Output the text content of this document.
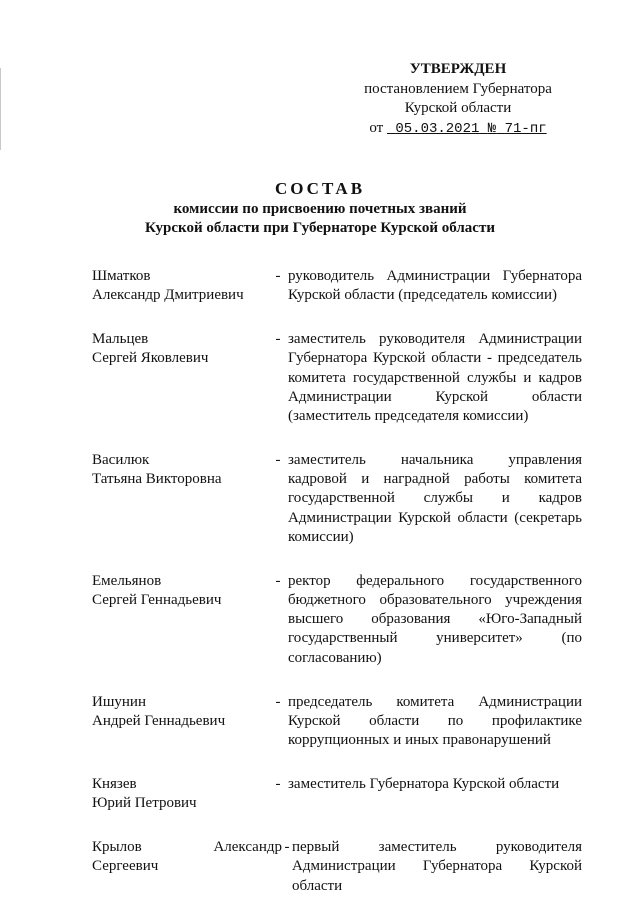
УТВЕРЖДЕН
постановлением Губернатора
Курской области
от 05.03.2021 № 71-пг
СОСТАВ
комиссии по присвоению почетных званий
Курской области при Губернаторе Курской области
Шматков
Александр Дмитриевич
- руководитель Администрации Губернатора Курской области (председатель комиссии)
Мальцев
Сергей Яковлевич
- заместитель руководителя Администрации Губернатора Курской области - председатель комитета государственной службы и кадров Администрации Курской области (заместитель председателя комиссии)
Василюк
Татьяна Викторовна
- заместитель начальника управления кадровой и наградной работы комитета государственной службы и кадров Администрации Курской области (секретарь комиссии)
Емельянов
Сергей Геннадьевич
- ректор федерального государственного бюджетного образовательного учреждения высшего образования «Юго-Западный государственный университет» (по согласованию)
Ишунин
Андрей Геннадьевич
- председатель комитета Администрации Курской области по профилактике коррупционных и иных правонарушений
Князев
Юрий Петрович
- заместитель Губернатора Курской области
Крылов Александр Сергеевич
- первый заместитель руководителя Администрации Губернатора Курской области
